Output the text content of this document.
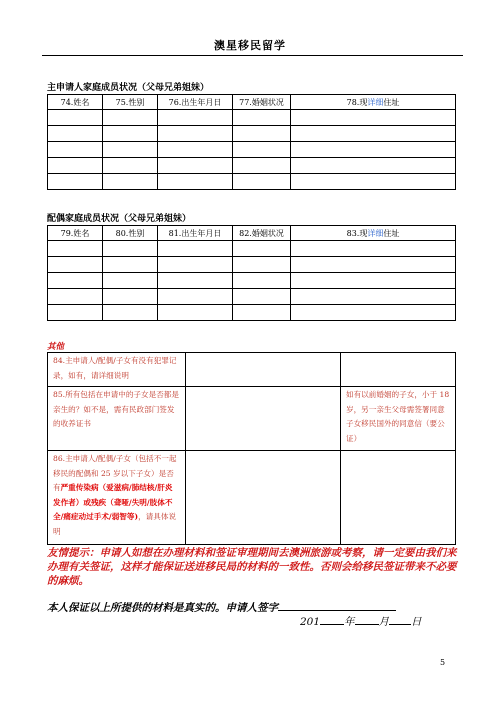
澳星移民留学
主申请人家庭成员状况（父母兄弟姐妹）
74.姓名	75.性别	76.出生年月日	77.婚姻状况	78.现详细住址

配偶家庭成员状况（父母兄弟姐妹）
79.姓名	80.性别	81.出生年月日	82.婚姻状况	83.现详细住址

其他
84.主申请人/配偶/子女有没有犯罪记录，如有，请详细说明		
85.所有包括在申请中的子女是否都是亲生的？如不是，需有民政部门签发的收养证书		如有以前婚姻的子女，小于 18 岁，另一亲生父母需签署同意子女移民国外的同意信（要公证）
86.主申请人/配偶/子女（包括不一起移民的配偶和 25 岁以下子女）是否有严重传染病（爱滋病/肺结核/肝炎发作者）或残疾（聋哑/失明/肢体不全/痛症动过手术/弱智等)，请具体说明		
友情提示：申请人如想在办理材料和签证审理期间去澳洲旅游或考察，请一定要由我们来办理有关签证，这样才能保证送进移民局的材料的一致性。否则会给移民签证带来不必要的麻烦。
本人保证以上所提供的材料是真实的。申请人签字
201 年 月 日
5
